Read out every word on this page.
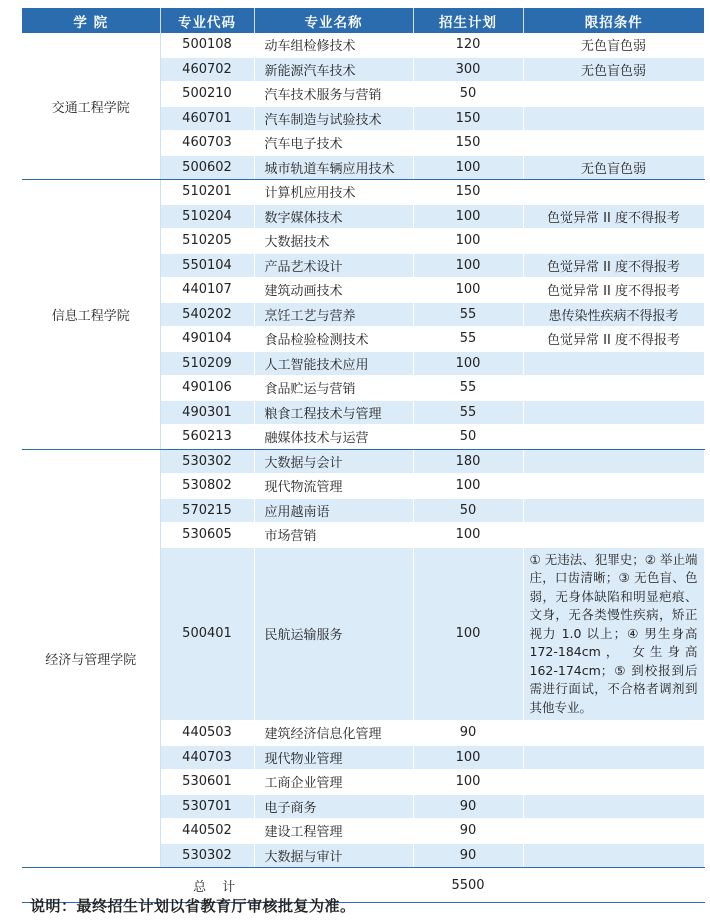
学 院	专业代码	专业名称	招生计划	限招条件
交通工程学院	500108	动车组检修技术	120	无色盲色弱
	460702	新能源汽车技术	300	无色盲色弱
	500210	汽车技术服务与营销	50	
	460701	汽车制造与试验技术	150	
	460703	汽车电子技术	150	
	500602	城市轨道车辆应用技术	100	无色盲色弱
信息工程学院	510201	计算机应用技术	150	
	510204	数字媒体技术	100	色觉异常 II 度不得报考
	510205	大数据技术	100	
	550104	产品艺术设计	100	色觉异常 II 度不得报考
	440107	建筑动画技术	100	色觉异常 II 度不得报考
	540202	烹饪工艺与营养	55	患传染性疾病不得报考
	490104	食品检验检测技术	55	色觉异常 II 度不得报考
	510209	人工智能技术应用	100	
	490106	食品贮运与营销	55	
	490301	粮食工程技术与管理	55	
	560213	融媒体技术与运营	50	
经济与管理学院	530302	大数据与会计	180	
	530802	现代物流管理	100	
	570215	应用越南语	50	
	530605	市场营销	100	
	500401	民航运输服务	100	① 无违法、犯罪史；② 举止端庄，口齿清晰；③ 无色盲、色弱，无身体缺陷和明显疤痕、文身，无各类慢性疾病，矫正视力 1.0 以上；④ 男生身高 172-184cm， 女生身高 162-174cm；⑤ 到校报到后需进行面试，不合格者调剂到其他专业。
	440503	建筑经济信息化管理	90	
	440703	现代物业管理	100	
	530601	工商企业管理	100	
	530701	电子商务	90	
	440502	建设工程管理	90	
	530302	大数据与审计	90	
总 计			5500	
说明：最终招生计划以省教育厅审核批复为准。
